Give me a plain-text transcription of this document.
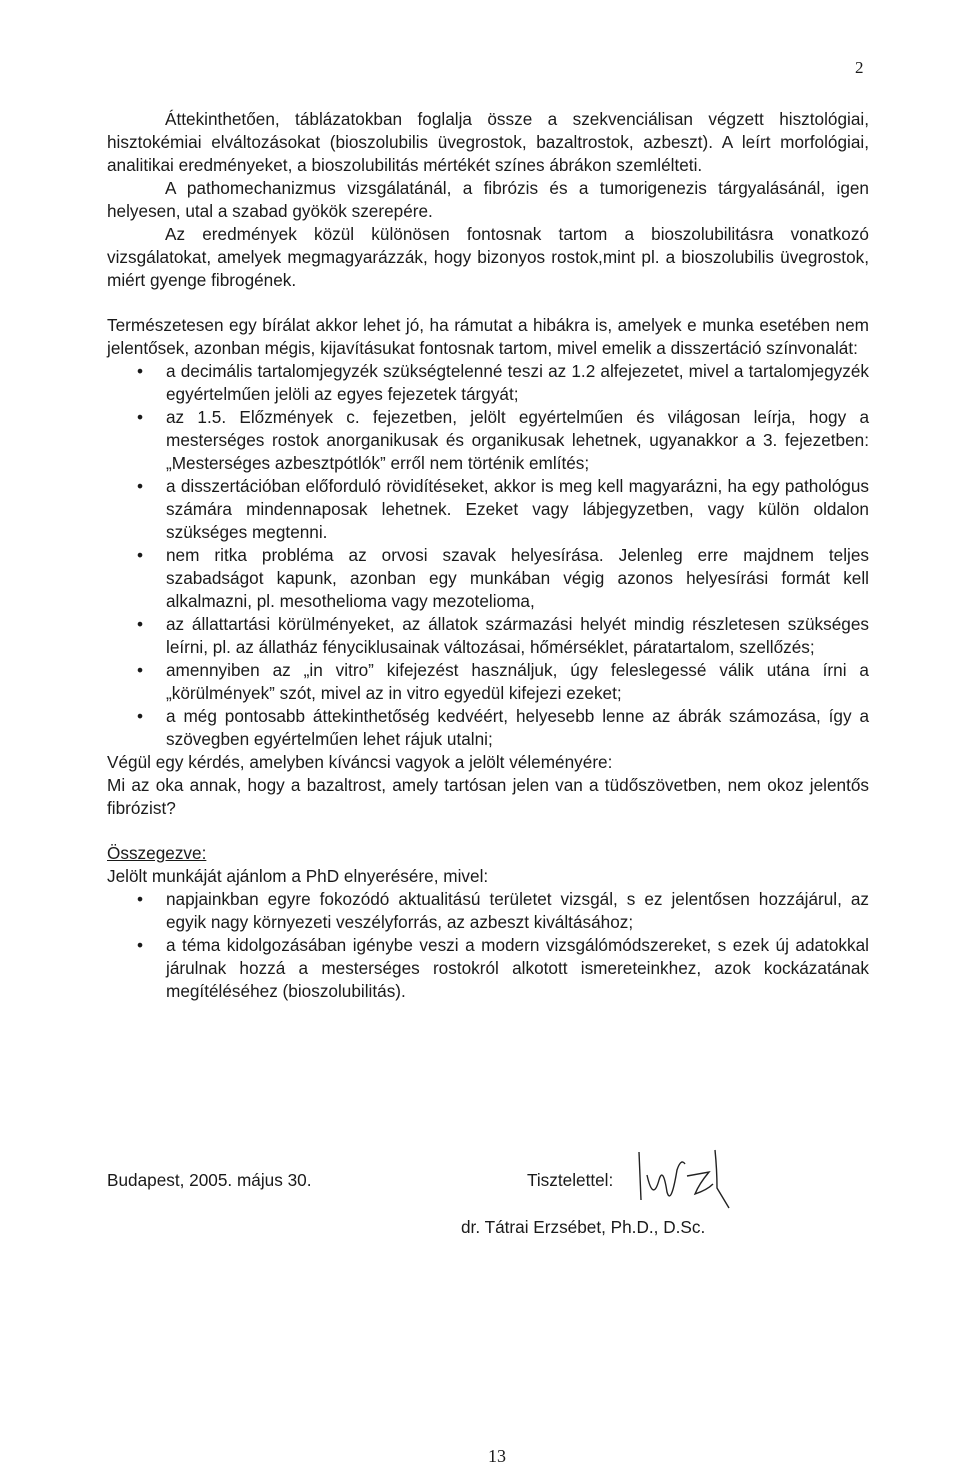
2

Áttekinthetően, táblázatokban foglalja össze a szekvenciálisan végzett hisztológiai, hisztokémiai elváltozásokat (bioszolubilis üvegrostok, bazaltrostok, azbeszt). A leírt morfológiai, analitikai eredményeket, a bioszolubilitás mértékét színes ábrákon szemlélteti.

A pathomechanizmus vizsgálatánál, a fibrózis és a tumorigenezis tárgyalásánál, igen helyesen, utal a szabad gyökök szerepére.

Az eredmények közül különösen fontosnak tartom a bioszolubilitásra vonatkozó vizsgálatokat, amelyek megmagyarázzák, hogy bizonyos rostok,mint pl. a bioszolubilis üvegrostok, miért gyenge fibrogének.

Természetesen egy bírálat akkor lehet jó, ha rámutat a hibákra is, amelyek e munka esetében nem jelentősek, azonban mégis, kijavításukat fontosnak tartom, mivel emelik a disszertáció színvonalát:

• a decimális tartalomjegyzék szükségtelenné teszi az 1.2 alfejezetet, mivel a tartalomjegyzék egyértelműen jelöli az egyes fejezetek tárgyát;
• az 1.5. Előzmények c. fejezetben, jelölt egyértelműen és világosan leírja, hogy a mesterséges rostok anorganikusak és organikusak lehetnek, ugyanakkor a 3. fejezetben: „Mesterséges azbesztpótlók” erről nem történik említés;
• a disszertációban előforduló rövidítéseket, akkor is meg kell magyarázni, ha egy pathológus számára mindennaposak lehetnek. Ezeket vagy lábjegyzetben, vagy külön oldalon szükséges megtenni.
• nem ritka probléma az orvosi szavak helyesírása. Jelenleg erre majdnem teljes szabadságot kapunk, azonban egy munkában végig azonos helyesírási formát kell alkalmazni, pl. mesothelioma vagy mezotelioma,
• az állattartási körülményeket, az állatok származási helyét mindig részletesen szükséges leírni, pl. az állatház fényciklusainak változásai, hőmérséklet, páratartalom, szellőzés;
• amennyiben az „in vitro” kifejezést használjuk, úgy feleslegessé válik utána írni a „körülmények” szót, mivel az in vitro egyedül kifejezi ezeket;
• a még pontosabb áttekinthetőség kedvéért, helyesebb lenne az ábrák számozása, így a szövegben egyértelműen lehet rájuk utalni;

Végül egy kérdés, amelyben kíváncsi vagyok a jelölt véleményére:

Mi az oka annak, hogy a bazaltrost, amely tartósan jelen van a tüdőszövetben, nem okoz jelentős fibrózist?

Összegezve:

Jelölt munkáját ajánlom a PhD elnyerésére, mivel:

• napjainkban egyre fokozódó aktualitású területet vizsgál, s ez jelentősen hozzájárul, az egyik nagy környezeti veszélyforrás, az azbeszt kiváltásához;
• a téma kidolgozásában igénybe veszi a modern vizsgálómódszereket, s ezek új adatokkal járulnak hozzá a mesterséges rostokról alkotott ismereteinkhez, azok kockázatának megítéléséhez (bioszolubilitás).
Budapest, 2005. május 30.	Tisztelettel:
dr. Tátrai Erzsébet, Ph.D., D.Sc.
13
